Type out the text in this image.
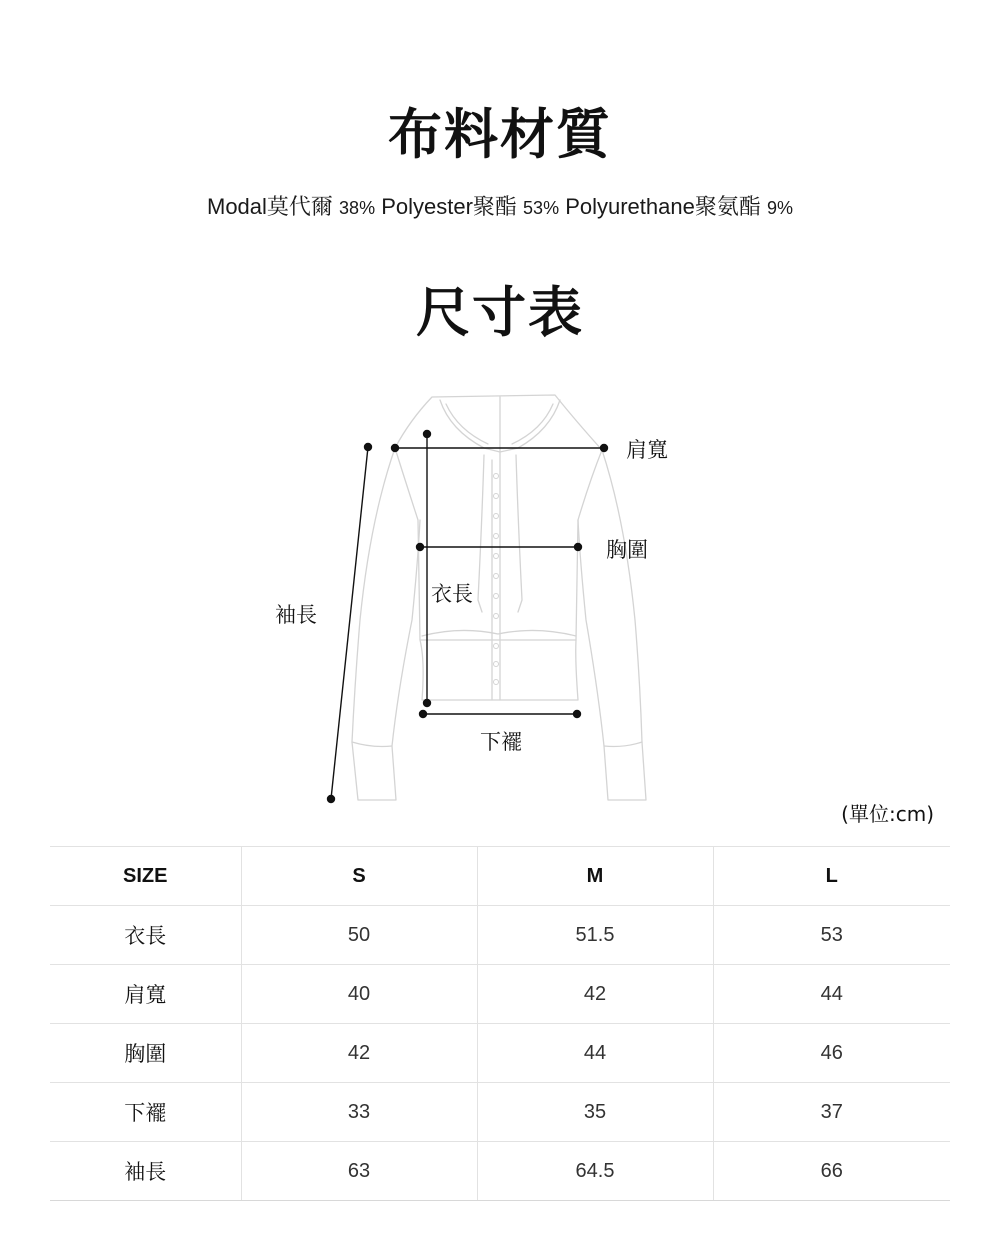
布料材質
Modal莫代爾 38% Polyester聚酯 53% Polyurethane聚氨酯 9%
尺寸表
肩寬
胸圍
衣長
袖長
下襬
(單位:cm)
SIZE	S	M	L
衣長	50	51.5	53
肩寬	40	42	44
胸圍	42	44	46
下襬	33	35	37
袖長	63	64.5	66
